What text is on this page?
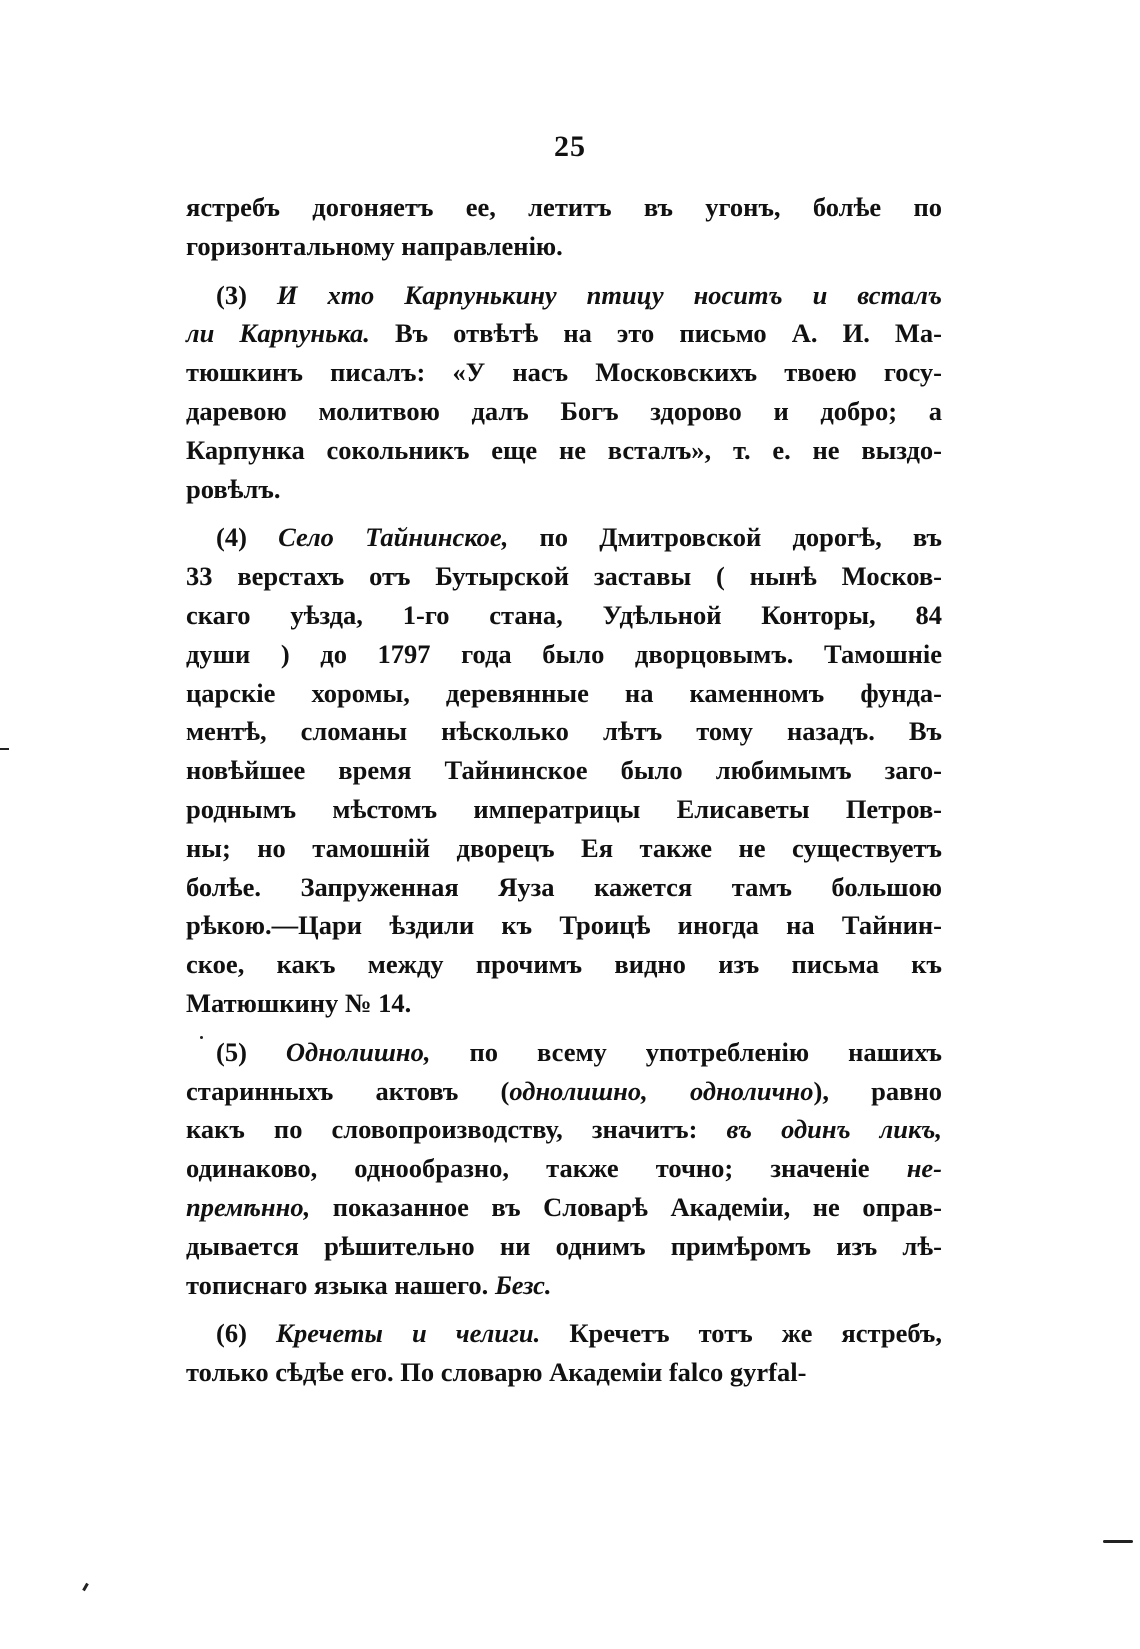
25
ястребъ догоняетъ ее, летитъ въ угонъ, болѣе по
горизонтальному направленію.
(3) И хто Карпунькину птицу носитъ и всталъ
ли Карпунька. Въ отвѣтѣ на это письмо А. И. Ма-
тюшкинъ писалъ: «У насъ Московскихъ твоею госу-
даревою молитвою далъ Богъ здорово и добро; а
Карпунка сокольникъ еще не всталъ», т. е. не выздо-
ровѣлъ.
(4) Село Тайнинское, по Дмитровской дорогѣ, въ
33 верстахъ отъ Бутырской заставы ( нынѣ Москов-
скаго уѣзда, 1-го стана, Удѣльной Конторы, 84
души ) до 1797 года было дворцовымъ. Тамошніе
царскіе хоромы, деревянные на каменномъ фунда-
ментѣ, сломаны нѣсколько лѣтъ тому назадъ. Въ
новѣйшее время Тайнинское было любимымъ заго-
роднымъ мѣстомъ императрицы Елисаветы Петров-
ны; но тамошній дворецъ Ея также не существуетъ
болѣе. Запруженная Яуза кажется тамъ большою
рѣкою.—Цари ѣздили къ Троицѣ иногда на Тайнин-
ское, какъ между прочимъ видно изъ письма къ
Матюшкину № 14.
(5) Однолишно, по всему употребленію нашихъ
старинныхъ актовъ (однолишно, однолично), равно
какъ по словопроизводству, значитъ: въ одинъ ликъ,
одинаково, однообразно, также точно; значеніе не-
премѣнно, показанное въ Словарѣ Академіи, не оправ-
дывается рѣшительно ни однимъ примѣромъ изъ лѣ-
тописнаго языка нашего. Безс.
(6) Кречеты и челиги. Кречетъ тотъ же ястребъ,
только сѣдѣе его. По словарю Академіи falco gyrfal-
